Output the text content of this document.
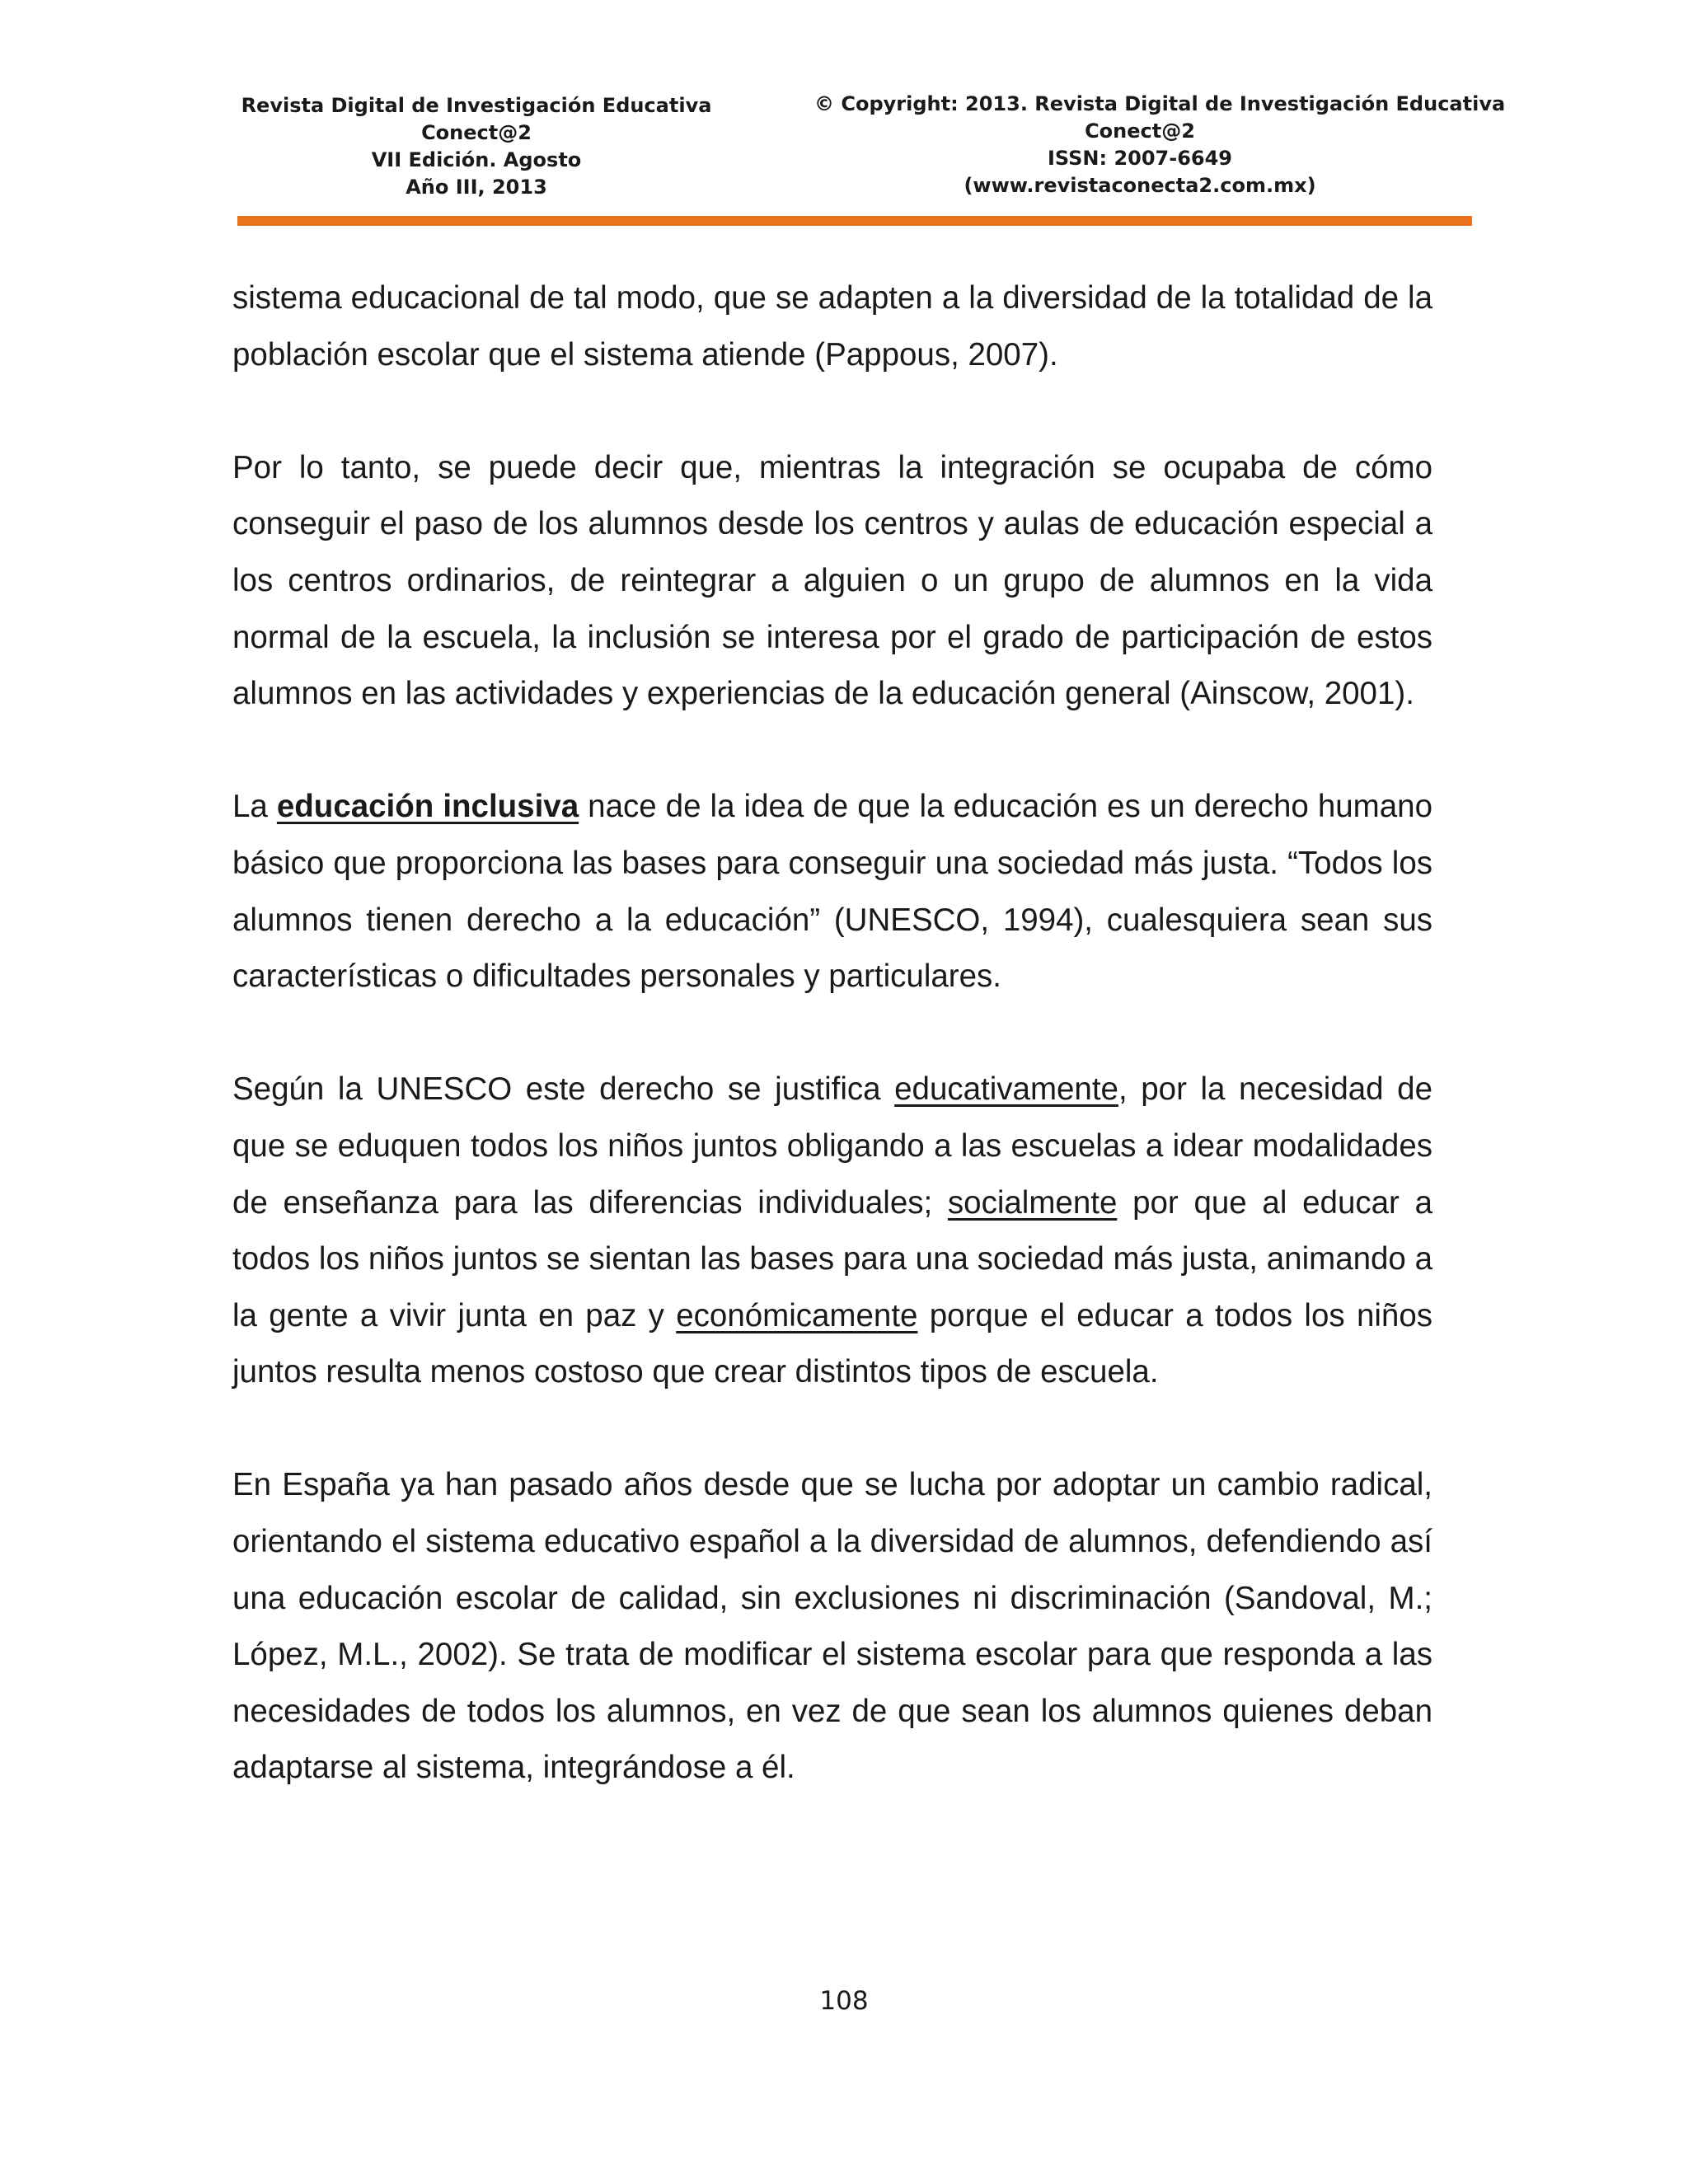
Revista Digital de Investigación Educativa
Conect@2
VII Edición. Agosto
Año III, 2013
© Copyright: 2013. Revista Digital de Investigación Educativa
Conect@2
ISSN: 2007-6649
(www.revistaconecta2.com.mx)

sistema educacional de tal modo, que se adapten a la diversidad de la totalidad de la población escolar que el sistema atiende (Pappous, 2007).

Por lo tanto, se puede decir que, mientras la integración se ocupaba de cómo conseguir el paso de los alumnos desde los centros y aulas de educación especial a los centros ordinarios, de reintegrar a alguien o un grupo de alumnos en la vida normal de la escuela, la inclusión se interesa por el grado de participación de estos alumnos en las actividades y experiencias de la educación general (Ainscow, 2001).

La educación inclusiva nace de la idea de que la educación es un derecho humano básico que proporciona las bases para conseguir una sociedad más justa. “Todos los alumnos tienen derecho a la educación” (UNESCO, 1994), cualesquiera sean sus características o dificultades personales y particulares.

Según la UNESCO este derecho se justifica educativamente, por la necesidad de que se eduquen todos los niños juntos obligando a las escuelas a idear modalidades de enseñanza para las diferencias individuales; socialmente por que al educar a todos los niños juntos se sientan las bases para una sociedad más justa, animando a la gente a vivir junta en paz y económicamente porque el educar a todos los niños juntos resulta menos costoso que crear distintos tipos de escuela.

En España ya han pasado años desde que se lucha por adoptar un cambio radical, orientando el sistema educativo español a la diversidad de alumnos, defendiendo así una educación escolar de calidad, sin exclusiones ni discriminación (Sandoval, M.; López, M.L., 2002). Se trata de modificar el sistema escolar para que responda a las necesidades de todos los alumnos, en vez de que sean los alumnos quienes deban adaptarse al sistema, integrándose a él.

108
